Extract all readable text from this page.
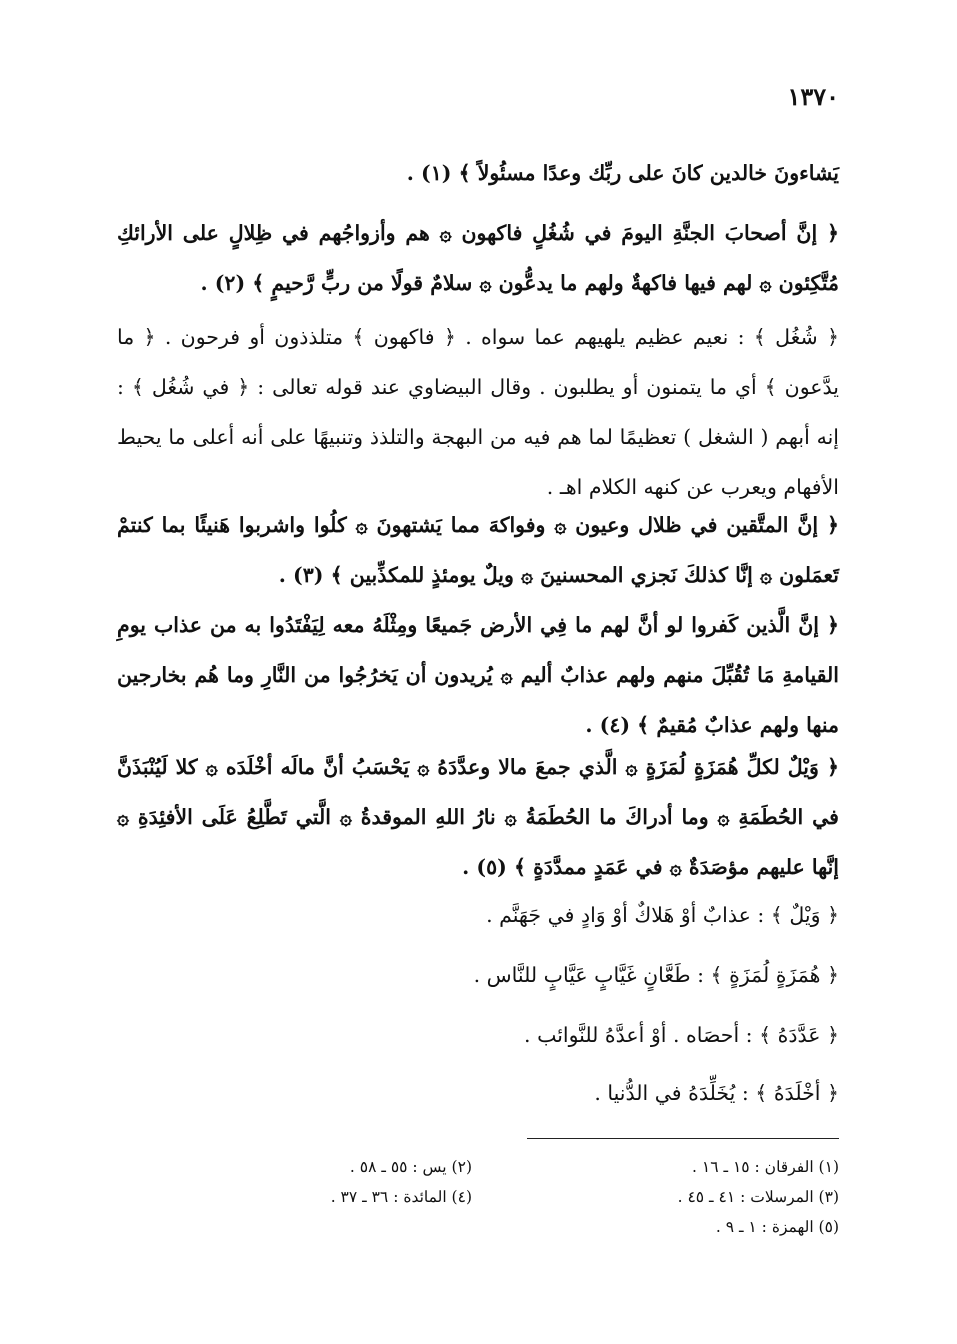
١٣٧٠
يَشاءونَ خالدين كانَ على ربِّك وعدًا مسئُولاً ﴾ (١) .
﴿ إنَّ أصحابَ الجنَّةِ اليومَ في شُغُلٍ فاكهون ۞ هم وأزواجُهم في ظِلالٍ على الأرائكِ مُتَّكِئون ۞ لهم فيها فاكهةٌ ولهم ما يدعُّون ۞ سلامٌ قولًا من ربٍّ رَّحيمٍ ﴾ (٢) .
﴿ شُغُل ﴾ : نعيم عظيم يلهيهم عما سواه . ﴿ فاكهون ﴾ متلذذون أو فرحون . ﴿ ما يدَّعون ﴾ أي ما يتمنون أو يطلبون . وقال البيضاوي عند قوله تعالى : ﴿ في شُغُل ﴾ : إنه أبهم ( الشغل ) تعظيمًا لما هم فيه من البهجة والتلذذ وتنبيهًا على أنه أعلى ما يحيط الأفهام ويعرب عن كنهه الكلام اهـ .
﴿ إنَّ المتَّقين في ظلال وعيون ۞ وفواكهَ مما يَشتهونَ ۞ كلُوا واشربوا هَنيئًا بما كنتمْ تَعمَلون ۞ إنَّا كذلكَ نَجزي المحسنينَ ۞ ويلٌ يومئذٍ للمكذِّبين ﴾ (٣) .
﴿ إنَّ الَّذين كَفروا لو أنَّ لهم ما فِي الأرض جَميعًا ومِثْلَهُ معه لِيَفْتَدُوا به من عذاب يومِ القيامةِ مَا تُقُبِّلَ منهم ولهم عذابٌ أليم ۞ يُريدون أن يَخرُجُوا من النَّارِ وما هُم بخارجين منها ولهم عذابٌ مُقيمٌ ﴾ (٤) .
﴿ وَيْلٌ لكلِّ هُمَزَةٍ لُمَزَةٍ ۞ الَّذي جمعَ مالا وعدَّدَهُ ۞ يَحْسَبُ أنَّ مالَه أخْلَدَه ۞ كلا لَيُنْبَذَنَّ في الحُطَمَةِ ۞ وما أدراكَ ما الحُطَمَةُ ۞ نارُ اللهِ الموقدةُ ۞ الَّتي تَطَّلِعُ عَلَى الأفئِدَةِ ۞ إنَّها عليهم مؤصَدَةٌ ۞ في عَمَدٍ ممدَّدَةٍ ﴾ (٥) .
﴿ وَيْلٌ ﴾ : عذابٌ أوْ هَلاكٌ أوْ وَادٍ في جَهَنَّم .
﴿ هُمَزَةٍ لُمَزَةٍ ﴾ : طَعَّانٍ غَيَّابٍ عَيَّابٍ للنَّاس .
﴿ عَدَّدَهُ ﴾ : أحصَاه . أوْ أعدَّهُ للنَّوائب .
﴿ أخْلَدَهُ ﴾ : يُخَلِّدَهُ في الدُّنيا .
(١) الفرقان : ١٥ ـ ١٦ .
(٣) المرسلات : ٤١ ـ ٤٥ .
(٥) الهمزة : ١ ـ ٩ .
(٢) يس : ٥٥ ـ ٥٨ .
(٤) المائدة : ٣٦ ـ ٣٧ .
